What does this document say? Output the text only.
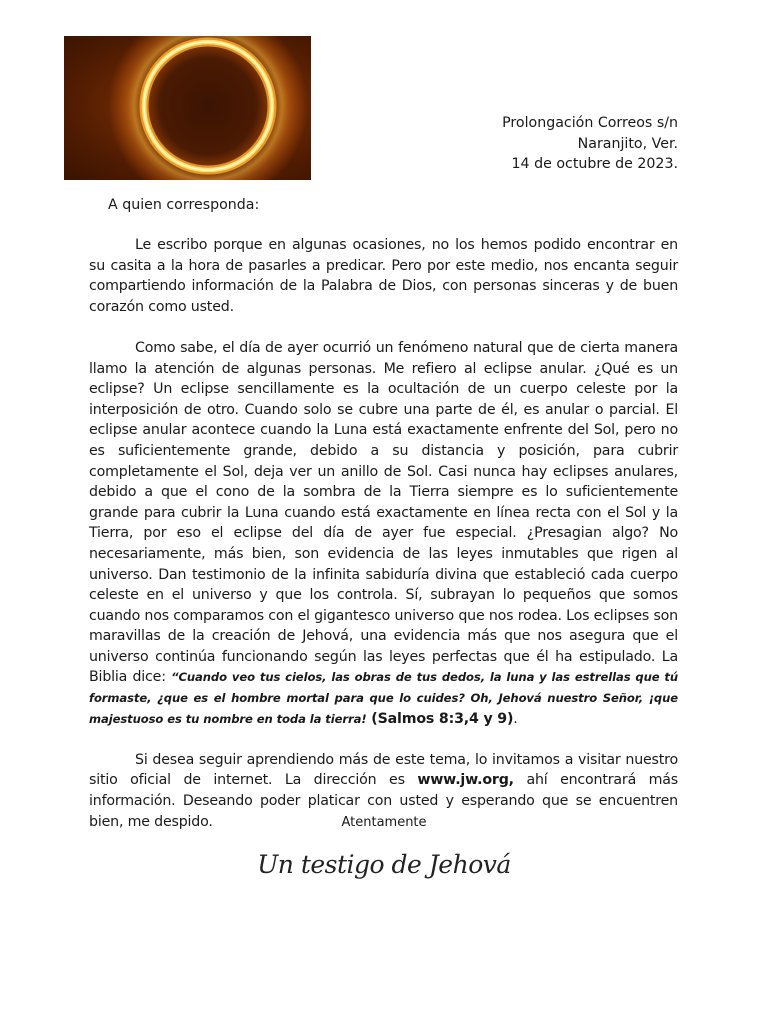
Prolongación Correos s/n
Naranjito, Ver.
14 de octubre de 2023.
A quien corresponda:

Le escribo porque en algunas ocasiones, no los hemos podido encontrar en su casita a la hora de pasarles a predicar. Pero por este medio, nos encanta seguir compartiendo información de la Palabra de Dios, con personas sinceras y de buen corazón como usted.

Como sabe, el día de ayer ocurrió un fenómeno natural que de cierta manera llamo la atención de algunas personas. Me refiero al eclipse anular. ¿Qué es un eclipse? Un eclipse sencillamente es la ocultación de un cuerpo celeste por la interposición de otro. Cuando solo se cubre una parte de él, es anular o parcial. El eclipse anular acontece cuando la Luna está exactamente enfrente del Sol, pero no es suficientemente grande, debido a su distancia y posición, para cubrir completamente el Sol, deja ver un anillo de Sol. Casi nunca hay eclipses anulares, debido a que el cono de la sombra de la Tierra siempre es lo suficientemente grande para cubrir la Luna cuando está exactamente en línea recta con el Sol y la Tierra, por eso el eclipse del día de ayer fue especial. ¿Presagian algo? No necesariamente, más bien, son evidencia de las leyes inmutables que rigen al universo. Dan testimonio de la infinita sabiduría divina que estableció cada cuerpo celeste en el universo y que los controla. Sí, subrayan lo pequeños que somos cuando nos comparamos con el gigantesco universo que nos rodea. Los eclipses son maravillas de la creación de Jehová, una evidencia más que nos asegura que el universo continúa funcionando según las leyes perfectas que él ha estipulado. La Biblia dice: “Cuando veo tus cielos, las obras de tus dedos, la luna y las estrellas que tú formaste, ¿que es el hombre mortal para que lo cuides? Oh, Jehová nuestro Señor, ¡que majestuoso es tu nombre en toda la tierra! (Salmos 8:3,4 y 9).

Si desea seguir aprendiendo más de este tema, lo invitamos a visitar nuestro sitio oficial de internet. La dirección es www.jw.org, ahí encontrará más información. Deseando poder platicar con usted y esperando que se encuentren bien, me despido.	Atentamente
Un testigo de Jehová
